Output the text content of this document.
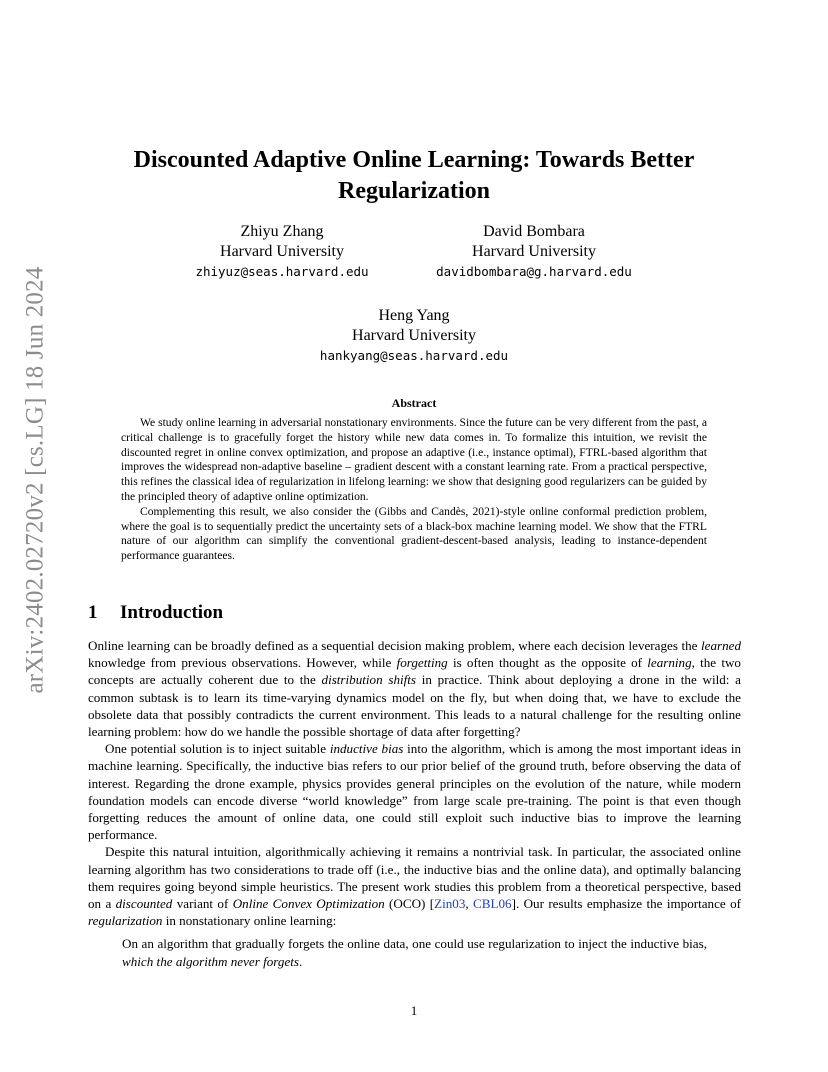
arXiv:2402.02720v2 [cs.LG] 18 Jun 2024
Discounted Adaptive Online Learning: Towards Better Regularization
Zhiyu Zhang
Harvard University
zhiyuz@seas.harvard.edu
David Bombara
Harvard University
davidbombara@g.harvard.edu
Heng Yang
Harvard University
hankyang@seas.harvard.edu
Abstract

We study online learning in adversarial nonstationary environments. Since the future can be very different from the past, a critical challenge is to gracefully forget the history while new data comes in. To formalize this intuition, we revisit the discounted regret in online convex optimization, and propose an adaptive (i.e., instance optimal), FTRL-based algorithm that improves the widespread non-adaptive baseline – gradient descent with a constant learning rate. From a practical perspective, this refines the classical idea of regularization in lifelong learning: we show that designing good regularizers can be guided by the principled theory of adaptive online optimization.

Complementing this result, we also consider the (Gibbs and Candès, 2021)-style online conformal prediction problem, where the goal is to sequentially predict the uncertainty sets of a black-box machine learning model. We show that the FTRL nature of our algorithm can simplify the conventional gradient-descent-based analysis, leading to instance-dependent performance guarantees.

1 Introduction

Online learning can be broadly defined as a sequential decision making problem, where each decision leverages the learned knowledge from previous observations. However, while forgetting is often thought as the opposite of learning, the two concepts are actually coherent due to the distribution shifts in practice. Think about deploying a drone in the wild: a common subtask is to learn its time-varying dynamics model on the fly, but when doing that, we have to exclude the obsolete data that possibly contradicts the current environment. This leads to a natural challenge for the resulting online learning problem: how do we handle the possible shortage of data after forgetting?

One potential solution is to inject suitable inductive bias into the algorithm, which is among the most important ideas in machine learning. Specifically, the inductive bias refers to our prior belief of the ground truth, before observing the data of interest. Regarding the drone example, physics provides general principles on the evolution of the nature, while modern foundation models can encode diverse “world knowledge” from large scale pre-training. The point is that even though forgetting reduces the amount of online data, one could still exploit such inductive bias to improve the learning performance.

Despite this natural intuition, algorithmically achieving it remains a nontrivial task. In particular, the associated online learning algorithm has two considerations to trade off (i.e., the inductive bias and the online data), and optimally balancing them requires going beyond simple heuristics. The present work studies this problem from a theoretical perspective, based on a discounted variant of Online Convex Optimization (OCO) [Zin03, CBL06]. Our results emphasize the importance of regularization in nonstationary online learning:

On an algorithm that gradually forgets the online data, one could use regularization to inject the inductive bias, which the algorithm never forgets.

1
